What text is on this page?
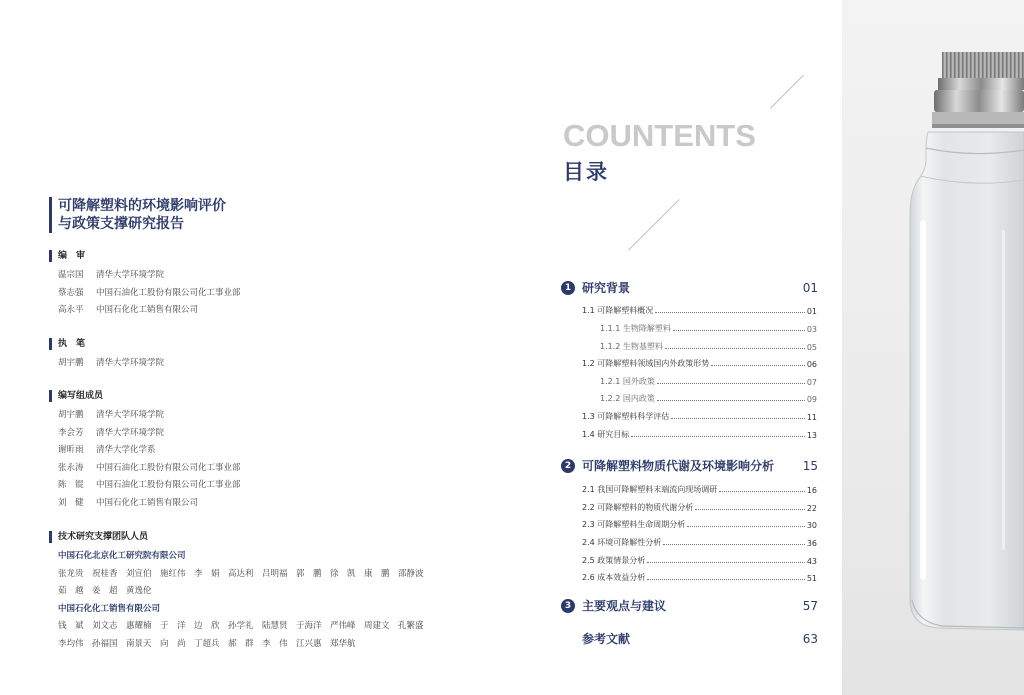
可降解塑料的环境影响评价
与政策支撑研究报告
编　审
温宗国 清华大学环境学院
蔡志强 中国石油化工股份有限公司化工事业部
高永平 中国石化化工销售有限公司
执　笔
胡宇鹏 清华大学环境学院
编写组成员
胡宇鹏 清华大学环境学院
李会芳 清华大学环境学院
谢昕雨 清华大学化学系
张永涛 中国石油化工股份有限公司化工事业部
陈　锟 中国石油化工股份有限公司化工事业部
刘　健 中国石化化工销售有限公司
技术研究支撑团队人员
中国石化北京化工研究院有限公司
张龙贵　祝桂香　刘宣伯　施红伟　李　娟　高达利　吕明福　郭　鹏　徐　凯　康　鹏　邵静波
茹　越　姜　超　黄逸伦
中国石化化工销售有限公司
钱　斌　刘文志　惠耀楠　于　洋　边　欣　孙学礼　陆慧贤　于海洋　严伟峰　周建文　孔繁盛
李均伟　孙福国　南景天　向　尚　丁超兵　郝　群　李　伟　江兴惠　郑华航
COUNTENTS
目录
1 研究背景	01
1.1 可降解塑料概况	01
1.1.1 生物降解塑料	03
1.1.2 生物基塑料	05
1.2 可降解塑料领域国内外政策形势	06
1.2.1 国外政策	07
1.2.2 国内政策	09
1.3 可降解塑料科学评估	11
1.4 研究目标	13
2 可降解塑料物质代谢及环境影响分析 15
2.1 我国可降解塑料末端流向现场调研	16
2.2 可降解塑料的物质代谢分析	22
2.3 可降解塑料生命周期分析	30
2.4 环境可降解性分析	36
2.5 政策情景分析	43
2.6 成本效益分析	51
3 主要观点与建议	57
参考文献	63
